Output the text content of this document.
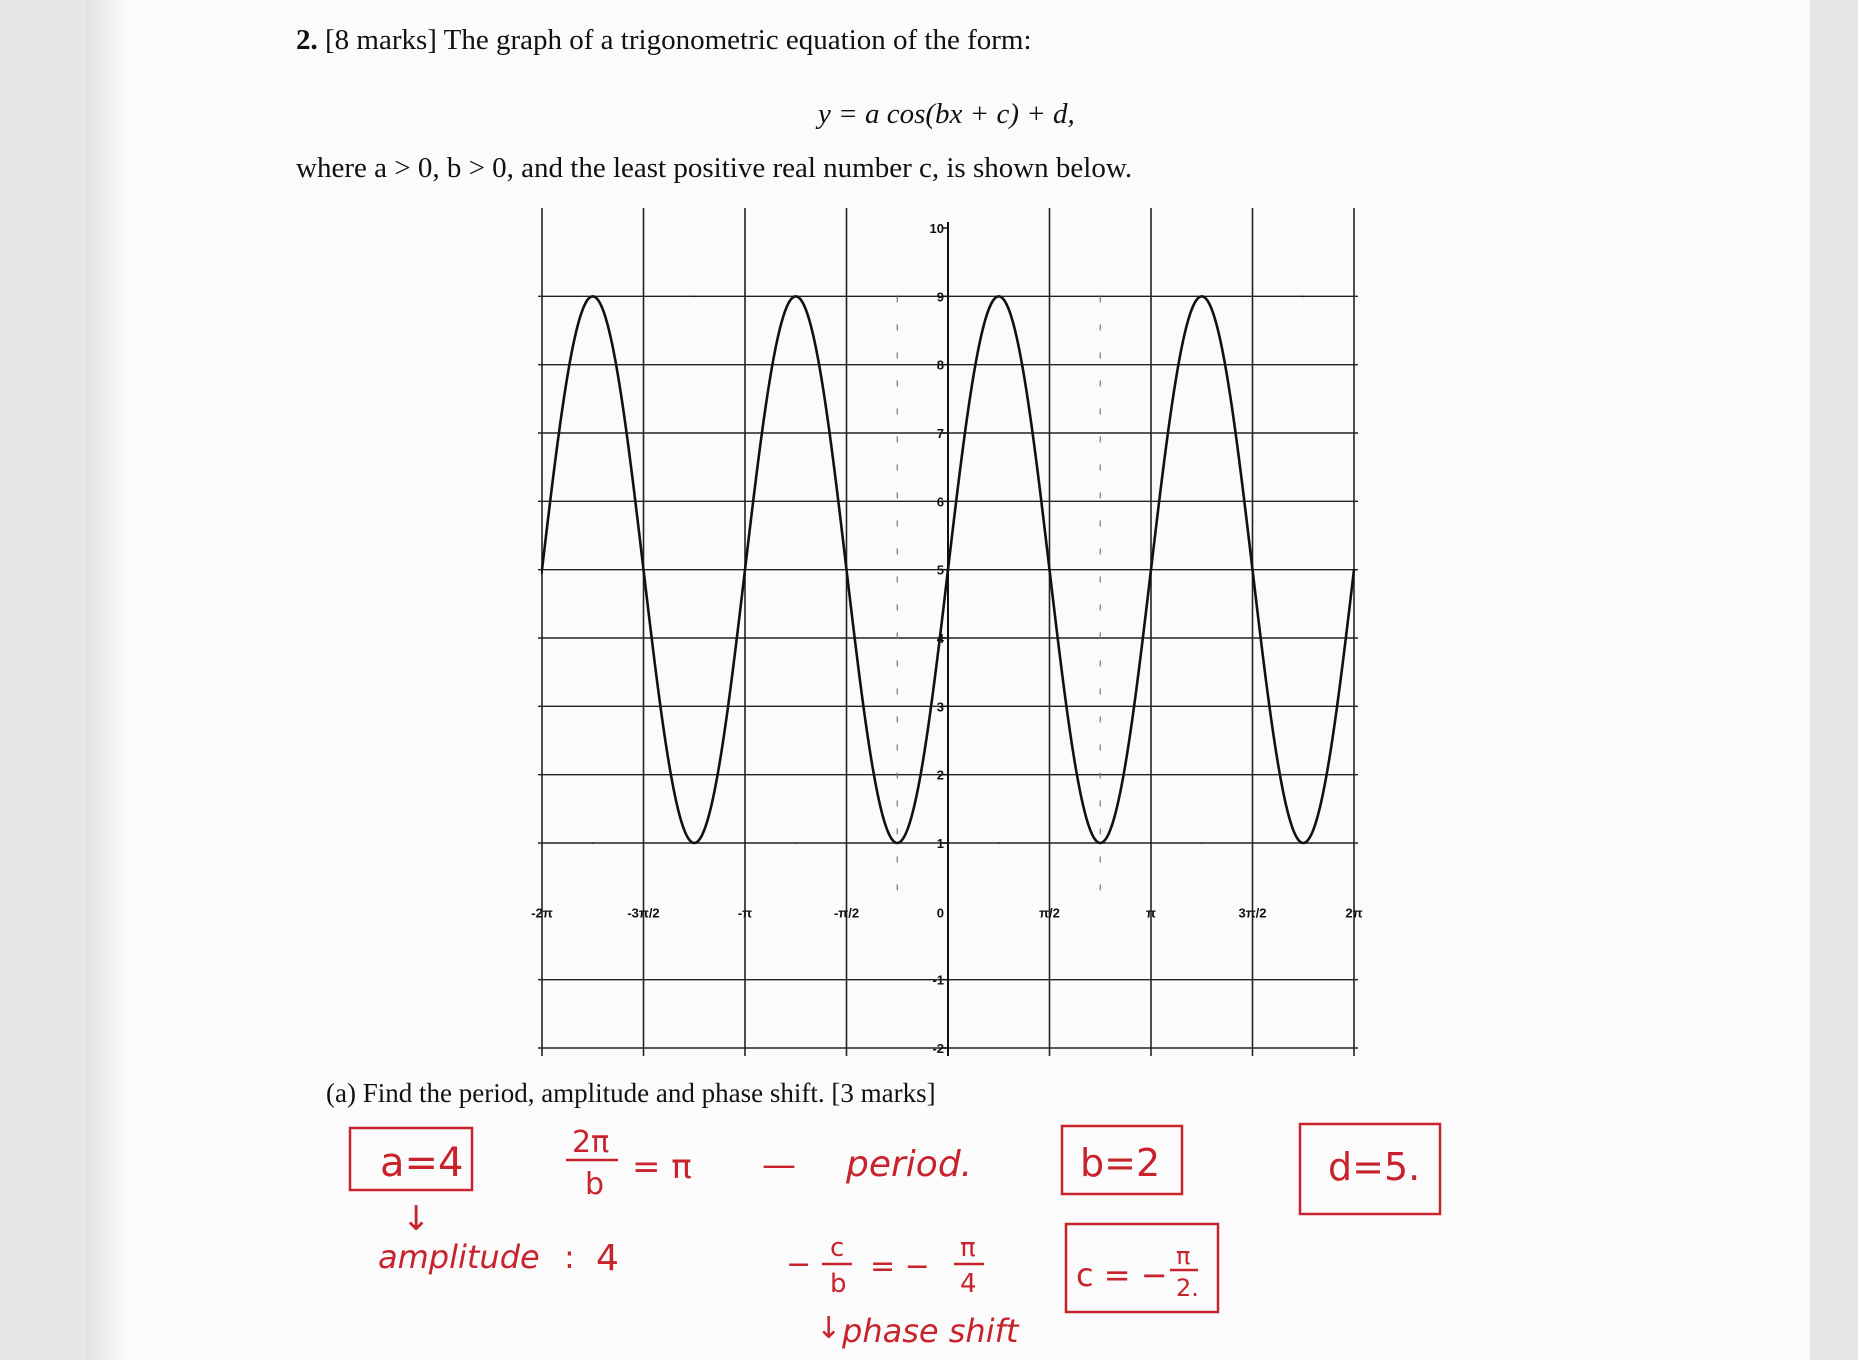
2. [8 marks] The graph of a trigonometric equation of the form:
y = a cos(bx + c) + d,
where a > 0, b > 0, and the least positive real number c, is shown below.
-2π	-3π/2	-π	-π/2	0	π/2	π	3π/2	2π
10
9
8
7
6
5
4
3
2
1
-1
-2
(a) Find the period, amplitude and phase shift. [3 marks]
a=4	2π
b = π — period.	b=2	d=5.
↓
amplitude : 4	− c
b = −
π
4	c = − π
2.
↓ phase shift
